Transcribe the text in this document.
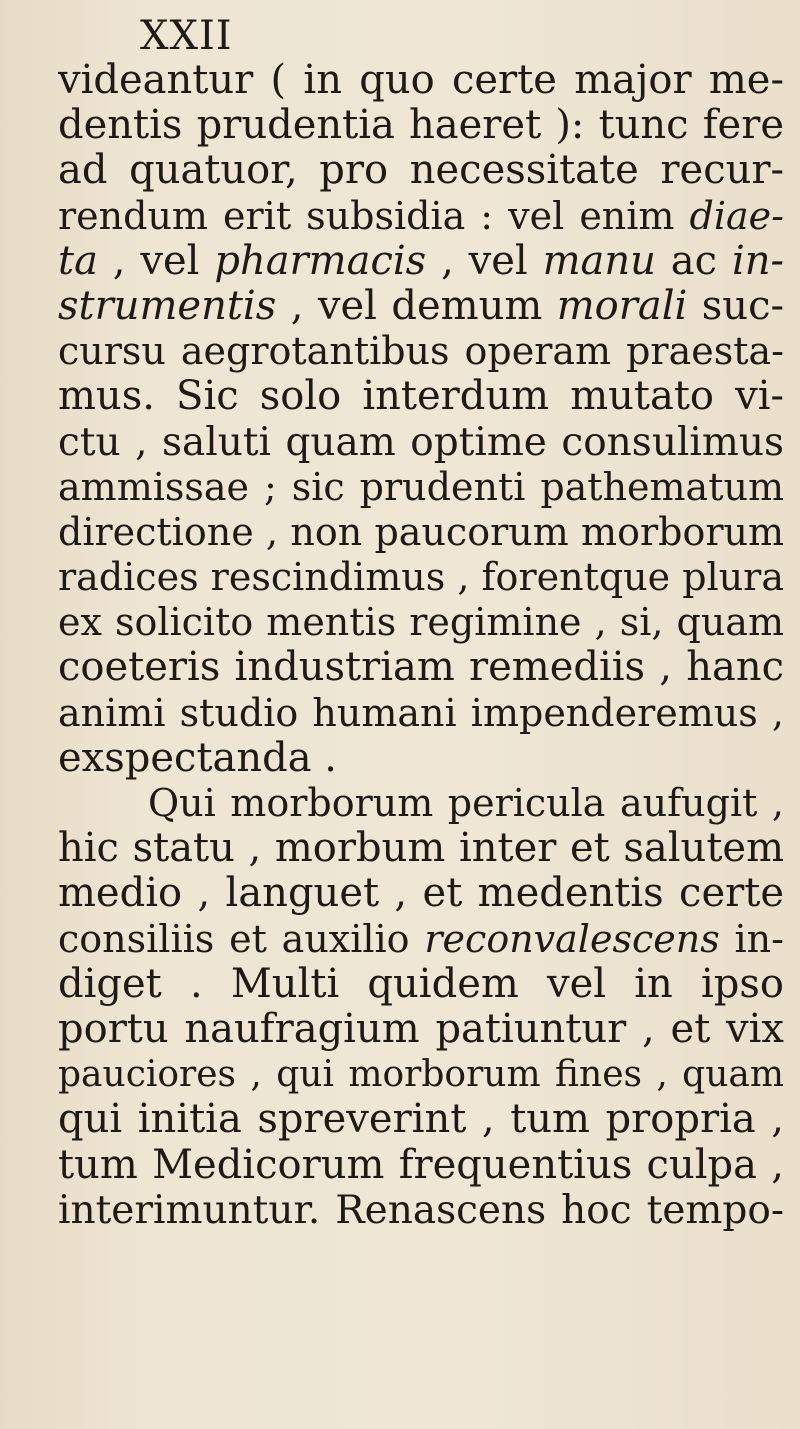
XXII
videantur ( in quo certe major me-
dentis prudentia haeret ): tunc fere
ad quatuor, pro necessitate recur-
rendum erit subsidia : vel enim diae-
ta , vel pharmacis , vel manu ac in-
strumentis , vel demum morali suc-
cursu aegrotantibus operam praesta-
mus. Sic solo interdum mutato vi-
ctu , saluti quam optime consulimus
ammissae ; sic prudenti pathematum
directione , non paucorum morborum
radices rescindimus , forentque plura
ex solicito mentis regimine , si, quam
coeteris industriam remediis , hanc
animi studio humani impenderemus ,
exspectanda .
Qui morborum pericula aufugit ,
hic statu , morbum inter et salutem
medio , languet , et medentis certe
consiliis et auxilio reconvalescens in-
diget . Multi quidem vel in ipso
portu naufragium patiuntur , et vix
pauciores , qui morborum fines , quam
qui initia spreverint , tum propria ,
tum Medicorum frequentius culpa ,
interimuntur. Renascens hoc tempo-
